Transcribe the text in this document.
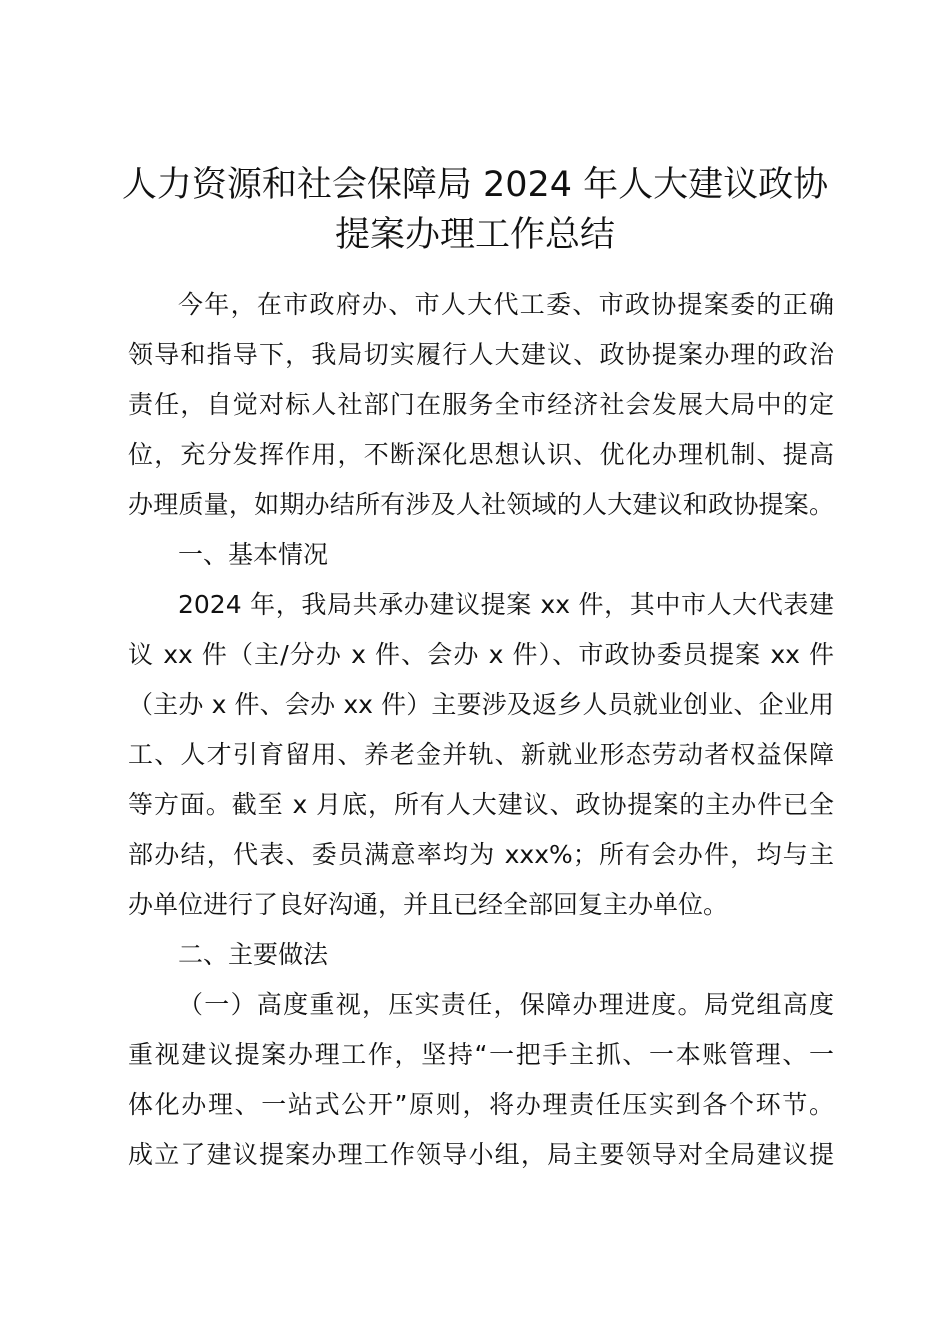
人力资源和社会保障局 2024 年人大建议政协
提案办理工作总结
今年，在市政府办、市人大代工委、市政协提案委的正确
领导和指导下，我局切实履行人大建议、政协提案办理的政治
责任，自觉对标人社部门在服务全市经济社会发展大局中的定
位，充分发挥作用，不断深化思想认识、优化办理机制、提高
办理质量，如期办结所有涉及人社领域的人大建议和政协提案。
一、基本情况
2024 年，我局共承办建议提案 xx 件，其中市人大代表建
议 xx 件（主/分办 x 件、会办 x 件）、市政协委员提案 xx 件
（主办 x 件、会办 xx 件）主要涉及返乡人员就业创业、企业用
工、人才引育留用、养老金并轨、新就业形态劳动者权益保障
等方面。截至 x 月底，所有人大建议、政协提案的主办件已全
部办结，代表、委员满意率均为 xxx%；所有会办件，均与主
办单位进行了良好沟通，并且已经全部回复主办单位。
二、主要做法
（一）高度重视，压实责任，保障办理进度。局党组高度
重视建议提案办理工作，坚持“一把手主抓、一本账管理、一
体化办理、一站式公开”原则，将办理责任压实到各个环节。
成立了建议提案办理工作领导小组，局主要领导对全局建议提
